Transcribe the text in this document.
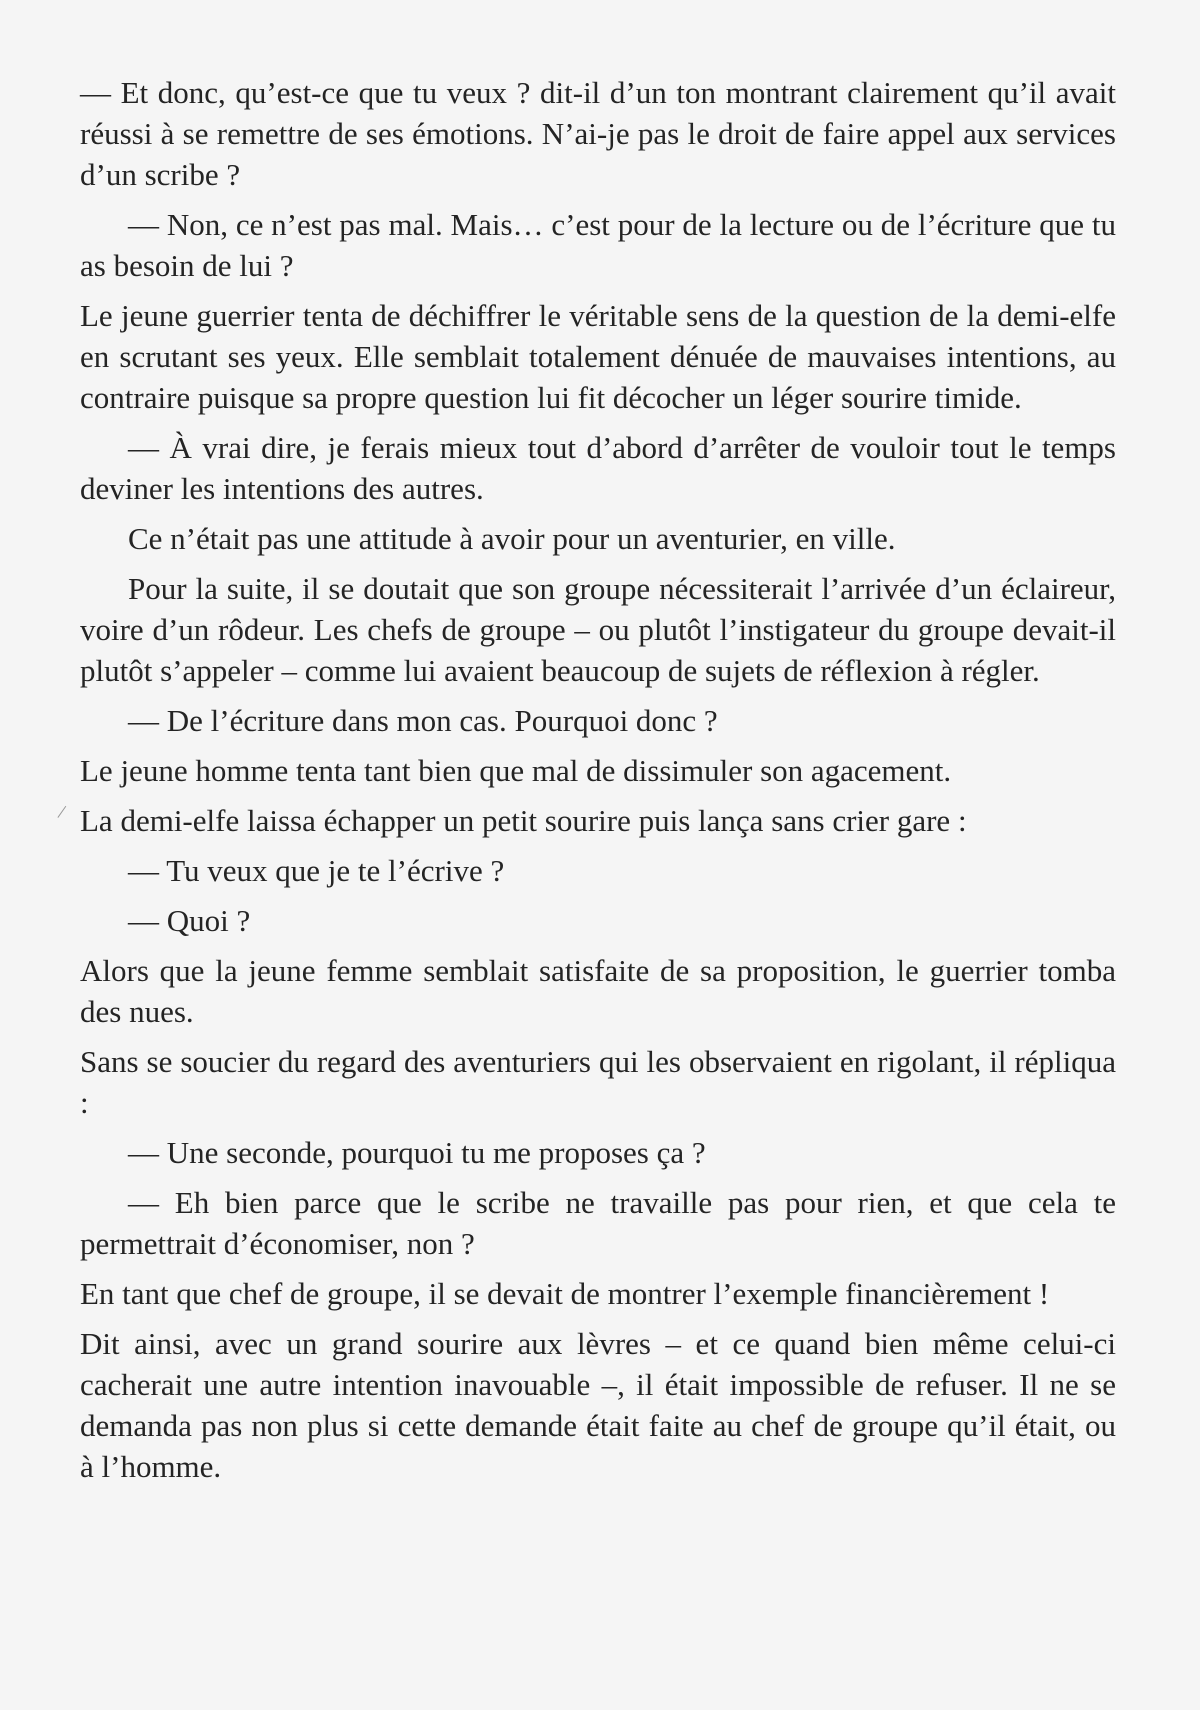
— Et donc, qu’est-ce que tu veux ? dit-il d’un ton montrant clairement qu’il avait réussi à se remettre de ses émotions. N’ai-je pas le droit de faire appel aux services d’un scribe ?

— Non, ce n’est pas mal. Mais… c’est pour de la lecture ou de l’écriture que tu as besoin de lui ?

Le jeune guerrier tenta de déchiffrer le véritable sens de la question de la demi-elfe en scrutant ses yeux. Elle semblait totalement dénuée de mauvaises intentions, au contraire puisque sa propre question lui fit décocher un léger sourire timide.

— À vrai dire, je ferais mieux tout d’abord d’arrêter de vouloir tout le temps deviner les intentions des autres.

Ce n’était pas une attitude à avoir pour un aventurier, en ville.

Pour la suite, il se doutait que son groupe nécessiterait l’arrivée d’un éclaireur, voire d’un rôdeur. Les chefs de groupe – ou plutôt l’instigateur du groupe devait-il plutôt s’appeler – comme lui avaient beaucoup de sujets de réflexion à régler.

— De l’écriture dans mon cas. Pourquoi donc ?

Le jeune homme tenta tant bien que mal de dissimuler son agacement.

La demi-elfe laissa échapper un petit sourire puis lança sans crier gare :

— Tu veux que je te l’écrive ?

— Quoi ?

Alors que la jeune femme semblait satisfaite de sa proposition, le guerrier tomba des nues.

Sans se soucier du regard des aventuriers qui les observaient en rigolant, il répliqua :

— Une seconde, pourquoi tu me proposes ça ?

— Eh bien parce que le scribe ne travaille pas pour rien, et que cela te permettrait d’économiser, non ?

En tant que chef de groupe, il se devait de montrer l’exemple financièrement !

Dit ainsi, avec un grand sourire aux lèvres – et ce quand bien même celui-ci cacherait une autre intention inavouable –, il était impossible de refuser. Il ne se demanda pas non plus si cette demande était faite au chef de groupe qu’il était, ou à l’homme.
